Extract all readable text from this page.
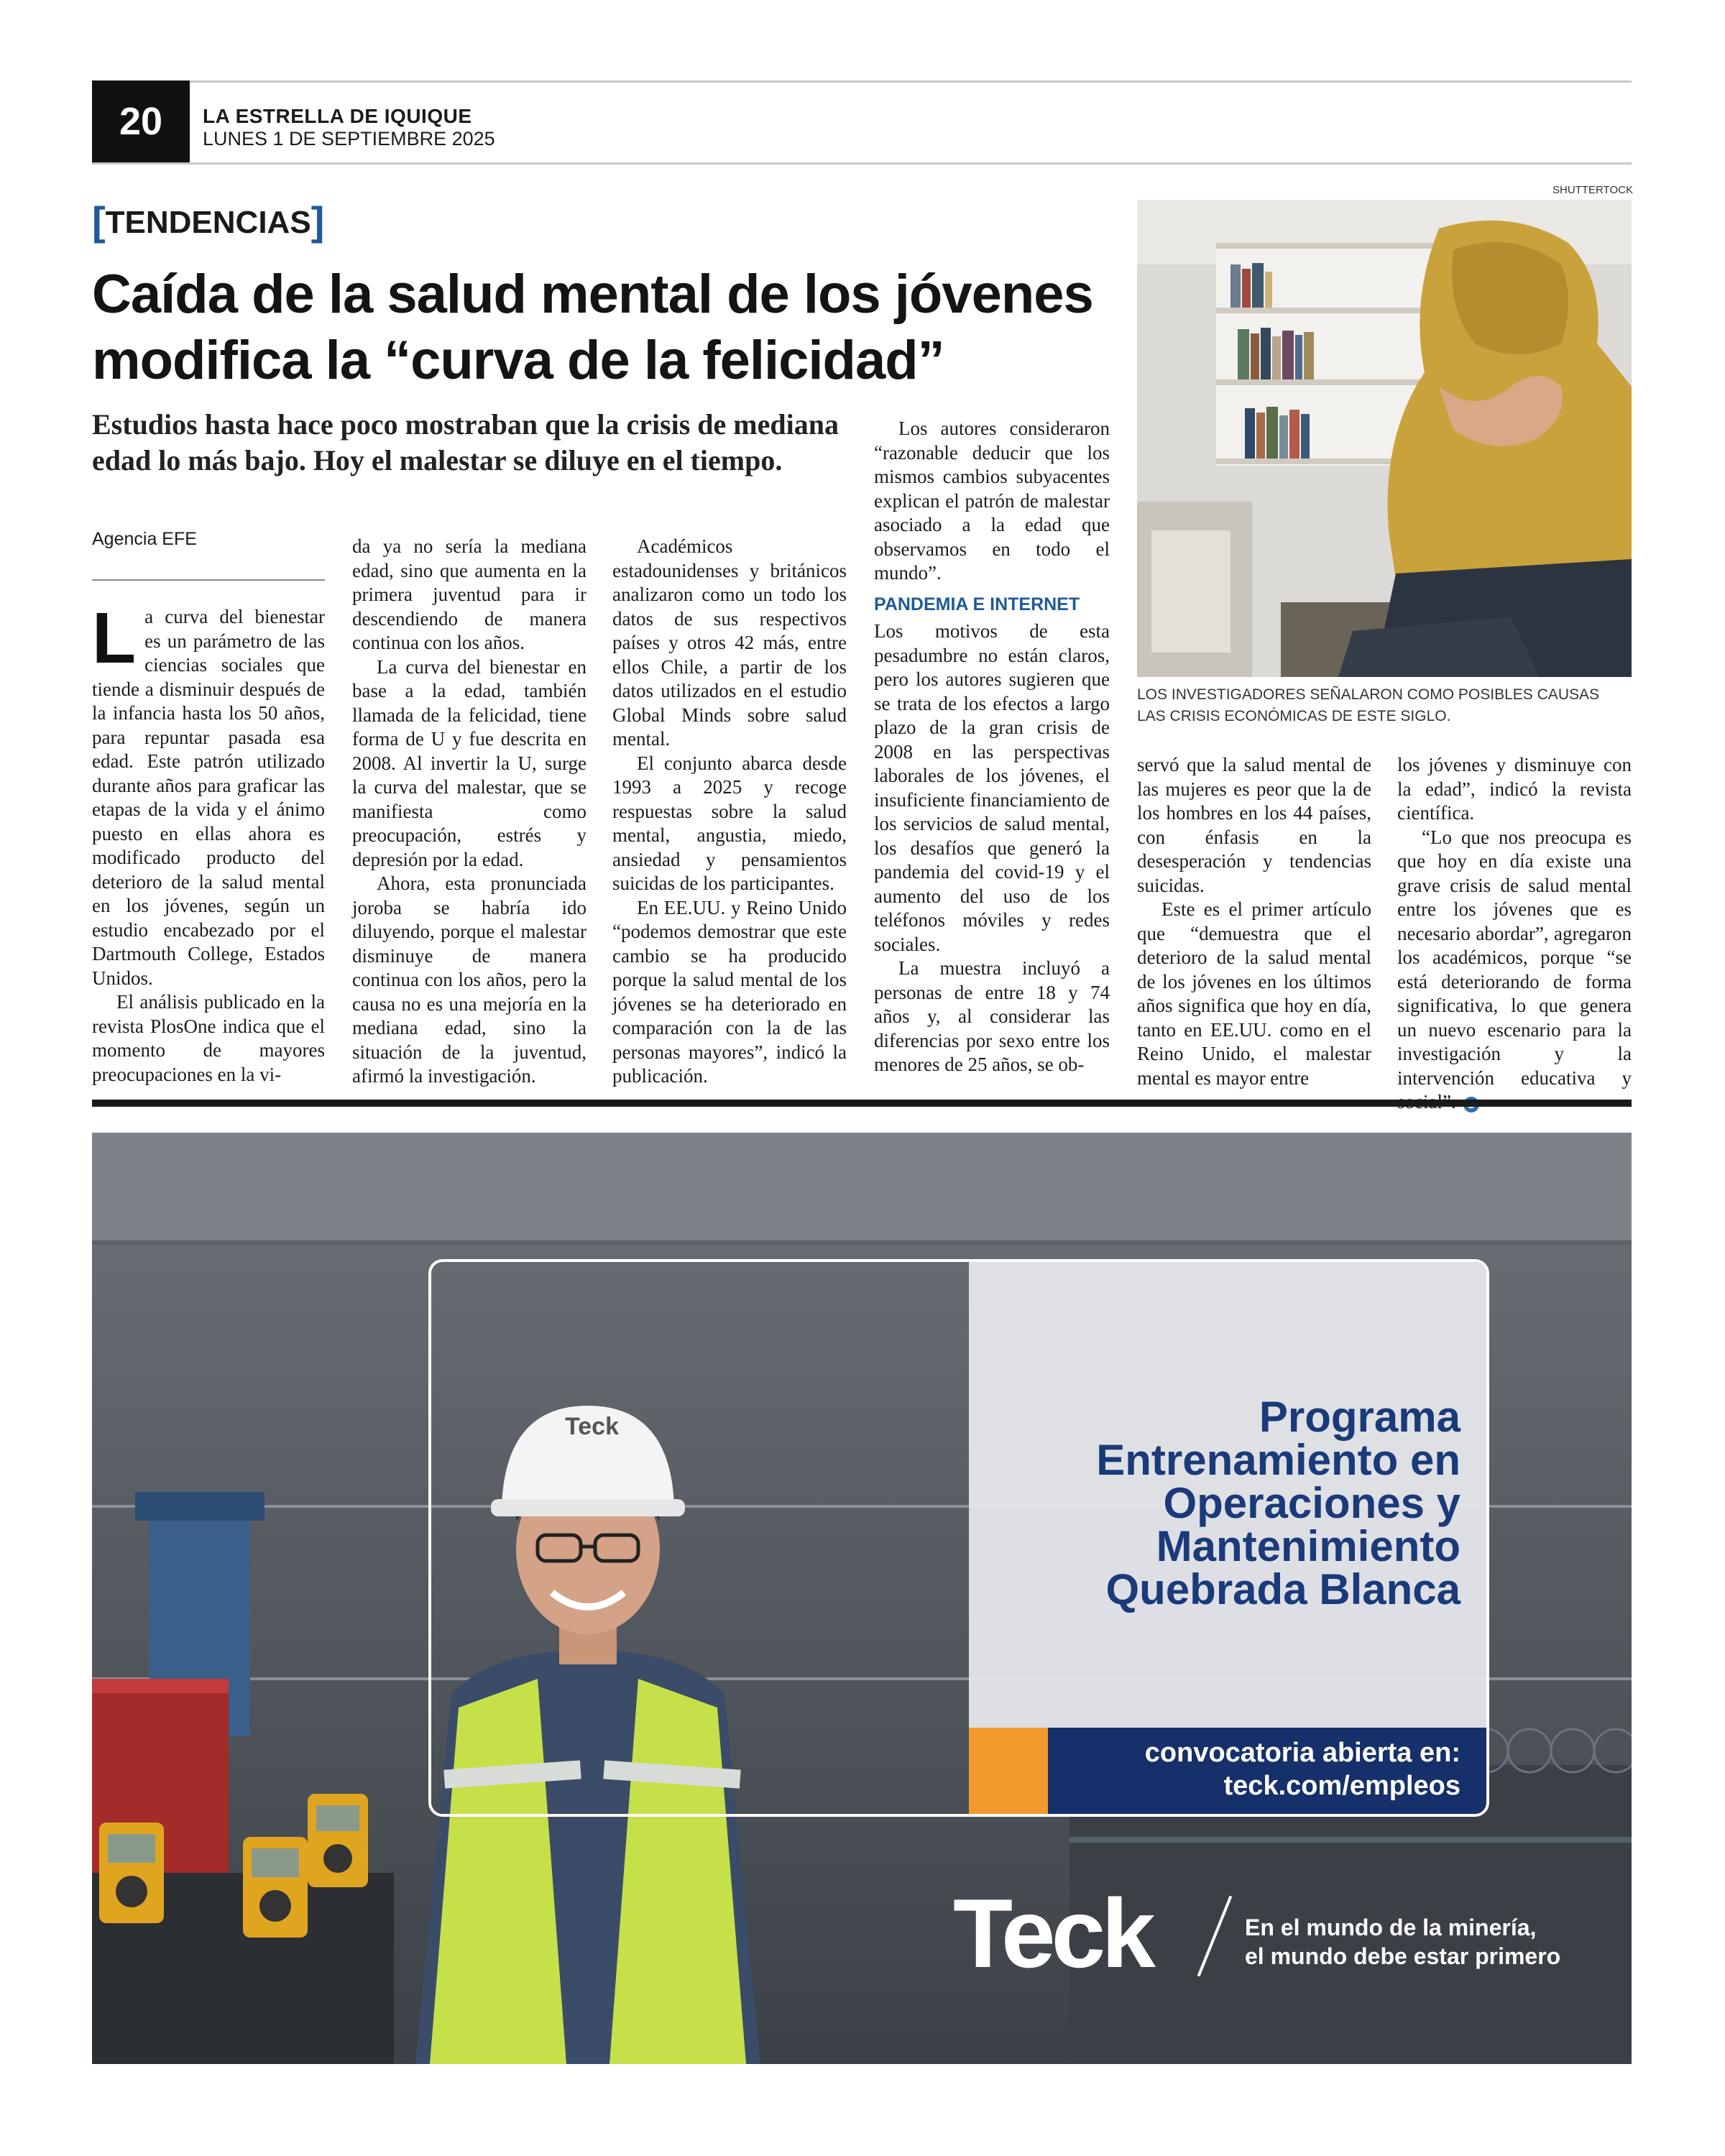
20	LA ESTRELLA DE IQUIQUE
LUNES 1 DE SEPTIEMBRE 2025
[TENDENCIAS]
Caída de la salud mental de los jóvenes
modifica la “curva de la felicidad”
Estudios hasta hace poco mostraban que la crisis de mediana edad lo más bajo. Hoy el malestar se diluye en el tiempo.
Agencia EFE

La curva del bienestar es un parámetro de las ciencias sociales que tiende a disminuir después de la infancia hasta los 50 años, para repuntar pasada esa edad. Este patrón utilizado durante años para graficar las etapas de la vida y el ánimo puesto en ellas ahora es modificado producto del deterioro de la salud mental en los jóvenes, según un estudio encabezado por el Dartmouth College, Estados Unidos.

El análisis publicado en la revista PlosOne indica que el momento de mayores preocupaciones en la vi-

da ya no sería la mediana edad, sino que aumenta en la primera juventud para ir descendiendo de manera continua con los años.

La curva del bienestar en base a la edad, también llamada de la felicidad, tiene forma de U y fue descrita en 2008. Al invertir la U, surge la curva del malestar, que se manifiesta como preocupación, estrés y depresión por la edad.

Ahora, esta pronunciada joroba se habría ido diluyendo, porque el malestar disminuye de manera continua con los años, pero la causa no es una mejoría en la mediana edad, sino la situación de la juventud, afirmó la investigación.

Académicos estadounidenses y británicos analizaron como un todo los datos de sus respectivos países y otros 42 más, entre ellos Chile, a partir de los datos utilizados en el estudio Global Minds sobre salud mental.

El conjunto abarca desde 1993 a 2025 y recoge respuestas sobre la salud mental, angustia, miedo, ansiedad y pensamientos suicidas de los participantes.

En EE.UU. y Reino Unido “podemos demostrar que este cambio se ha producido porque la salud mental de los jóvenes se ha deteriorado en comparación con la de las personas mayores”, indicó la publicación.

Los autores consideraron “razonable deducir que los mismos cambios subyacentes explican el patrón de malestar asociado a la edad que observamos en todo el mundo”.

PANDEMIA E INTERNET

Los motivos de esta pesadumbre no están claros, pero los autores sugieren que se trata de los efectos a largo plazo de la gran crisis de 2008 en las perspectivas laborales de los jóvenes, el insuficiente financiamiento de los servicios de salud mental, los desafíos que generó la pandemia del covid-19 y el aumento del uso de los teléfonos móviles y redes sociales.

La muestra incluyó a personas de entre 18 y 74 años y, al considerar las diferencias por sexo entre los menores de 25 años, se ob-

servó que la salud mental de las mujeres es peor que la de los hombres en los 44 países, con énfasis en la desesperación y tendencias suicidas.

Este es el primer artículo que “demuestra que el deterioro de la salud mental de los jóvenes en los últimos años significa que hoy en día, tanto en EE.UU. como en el Reino Unido, el malestar mental es mayor entre

los jóvenes y disminuye con la edad”, indicó la revista científica.

“Lo que nos preocupa es que hoy en día existe una grave crisis de salud mental entre los jóvenes que es necesario abordar”, agregaron los académicos, porque “se está deteriorando de forma significativa, lo que genera un nuevo escenario para la investigación y la intervención educativa y

SHUTTERTOCK
LOS INVESTIGADORES SEÑALARON COMO POSIBLES CAUSAS LAS CRISIS ECONÓMICAS DE ESTE SIGLO.
Teck	Programa
Entrenamiento en
Operaciones y
Mantenimiento
Quebrada Blanca
convocatoria abierta en:
teck.com/empleos
Teck	En el mundo de la minería,
el mundo debe estar primero
